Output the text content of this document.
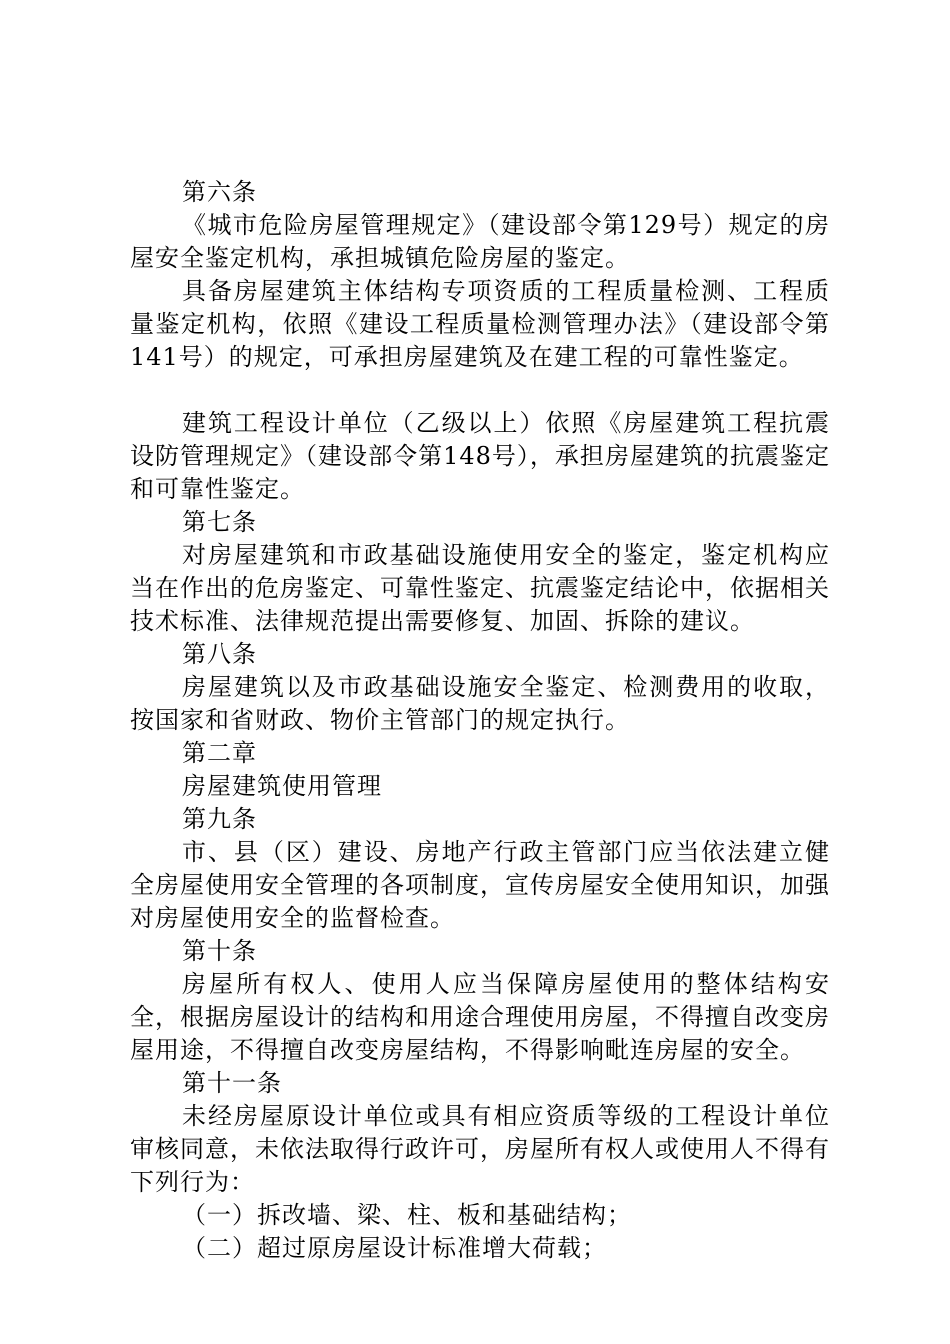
第六条

《城市危险房屋管理规定》（建设部令第129号）规定的房屋安全鉴定机构，承担城镇危险房屋的鉴定。

具备房屋建筑主体结构专项资质的工程质量检测、工程质量鉴定机构，依照《建设工程质量检测管理办法》（建设部令第141号）的规定，可承担房屋建筑及在建工程的可靠性鉴定。

建筑工程设计单位（乙级以上）依照《房屋建筑工程抗震设防管理规定》（建设部令第148号），承担房屋建筑的抗震鉴定和可靠性鉴定。

第七条

对房屋建筑和市政基础设施使用安全的鉴定，鉴定机构应当在作出的危房鉴定、可靠性鉴定、抗震鉴定结论中，依据相关技术标准、法律规范提出需要修复、加固、拆除的建议。

第八条

房屋建筑以及市政基础设施安全鉴定、检测费用的收取，按国家和省财政、物价主管部门的规定执行。

第二章

房屋建筑使用管理

第九条

市、县（区）建设、房地产行政主管部门应当依法建立健全房屋使用安全管理的各项制度，宣传房屋安全使用知识，加强对房屋使用安全的监督检查。

第十条

房屋所有权人、使用人应当保障房屋使用的整体结构安全，根据房屋设计的结构和用途合理使用房屋，不得擅自改变房屋用途，不得擅自改变房屋结构，不得影响毗连房屋的安全。

第十一条

未经房屋原设计单位或具有相应资质等级的工程设计单位审核同意，未依法取得行政许可，房屋所有权人或使用人不得有下列行为：

（一）拆改墙、梁、柱、板和基础结构；

（二）超过原房屋设计标准增大荷载；
